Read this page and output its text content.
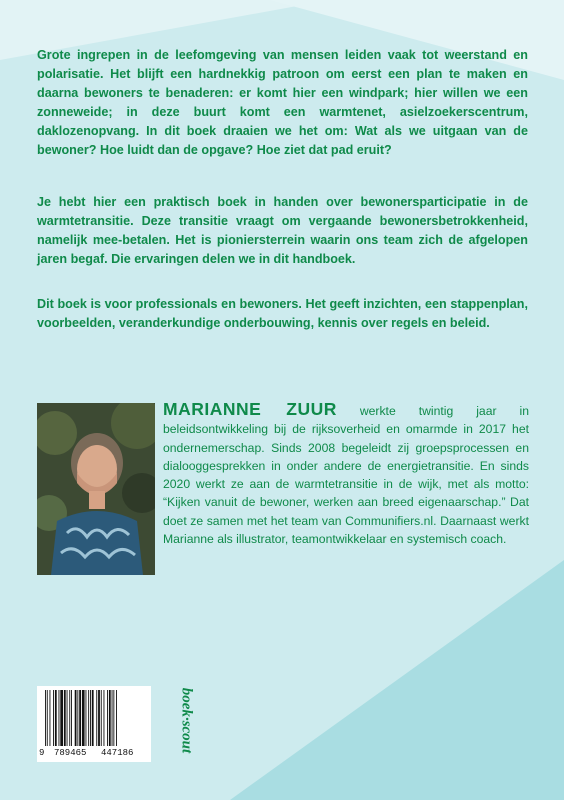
Grote ingrepen in de leefomgeving van mensen leiden vaak tot weerstand en polarisatie. Het blijft een hardnekkig patroon om eerst een plan te maken en daarna bewoners te benaderen: er komt hier een windpark; hier willen we een zonneweide; in deze buurt komt een warmtenet, asielzoekerscentrum, daklozenopvang. In dit boek draaien we het om: Wat als we uitgaan van de bewoner? Hoe luidt dan de opgave? Hoe ziet dat pad eruit?

Je hebt hier een praktisch boek in handen over bewonersparticipatie in de warmtetransitie. Deze transitie vraagt om vergaande bewonersbetrokkenheid, namelijk mee-betalen. Het is pioniersterrein waarin ons team zich de afgelopen jaren begaf. Die ervaringen delen we in dit handboek.

Dit boek is voor professionals en bewoners. Het geeft inzichten, een stappenplan, voorbeelden, veranderkundige onderbouwing, kennis over regels en beleid.

MARIANNE ZUUR werkte twintig jaar in beleidsontwikkeling bij de rijksoverheid en omarmde in 2017 het ondernemerschap. Sinds 2008 begeleidt zij groepsprocessen en dialooggesprekken in onder andere de energietransitie. En sinds 2020 werkt ze aan de warmtetransitie in de wijk, met als motto: “Kijken vanuit de bewoner, werken aan breed eigenaarschap.” Dat doet ze samen met het team van Communifiers.nl. Daarnaast werkt Marianne als illustrator, teamontwikkelaar en systemisch coach.

9 789465 447186	boek·scout
